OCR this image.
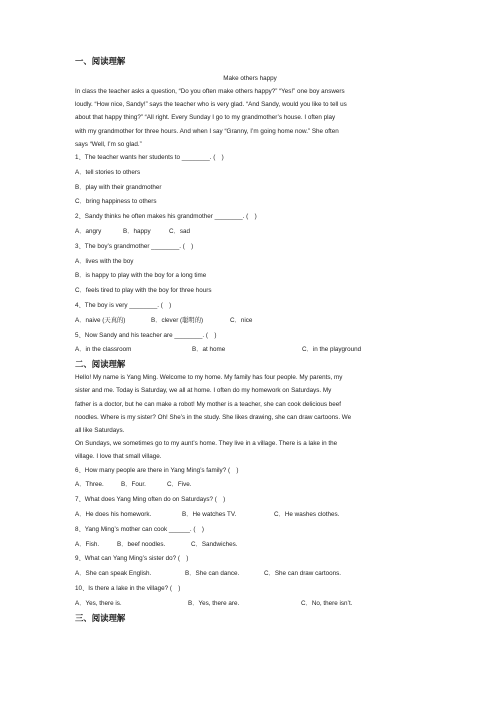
一、阅读理解
Make others happy

In class the teacher asks a question, “Do you often make others happy?” “Yes!” one boy answers

loudly. “How nice, Sandy!” says the teacher who is very glad. “And Sandy, would you like to tell us

about that happy thing?” “All right. Every Sunday I go to my grandmother’s house. I often play

with my grandmother for three hours. And when I say “Granny, I’m going home now.” She often

says “Well, I’m so glad.”

1、The teacher wants her students to ________. (　)
A．tell stories to others
B．play with their grandmother
C．bring happiness to others
2、Sandy thinks he often makes his grandmother ________. (　)
A．angry	B．happy	C．sad
3、The boy’s grandmother ________. (　)
A．lives with the boy
B．is happy to play with the boy for a long time
C．feels tired to play with the boy for three hours
4、The boy is very ________. (　)
A．naive (天真的)	B．clever (聪明的)	C．nice
5、Now Sandy and his teacher are ________. (　)
A．in the classroom	B．at home	C．in the playground
二、阅读理解

Hello! My name is Yang Ming. Welcome to my home. My family has four people. My parents, my

sister and me. Today is Saturday, we all at home. I often do my homework on Saturdays. My

father is a doctor, but he can make a robot! My mother is a teacher, she can cook delicious beef

noodles. Where is my sister? Oh! She’s in the study. She likes drawing, she can draw cartoons. We

all like Saturdays.

On Sundays, we sometimes go to my aunt’s home. They live in a village. There is a lake in the

village. I love that small village.

6、How many people are there in Yang Ming’s family? (　)
A．Three.	B．Four.	C．Five.
7、What does Yang Ming often do on Saturdays? (　)
A．He does his homework.	B．He watches TV.	C．He washes clothes.
8、Yang Ming’s mother can cook ______. (　)
A．Fish.	B．beef noodles.	C．Sandwiches.
9、What can Yang Ming’s sister do? (　)
A．She can speak English.	B．She can dance.	C．She can draw cartoons.
10、Is there a lake in the village? (　)
A．Yes, there is.	B．Yes, there are.	C．No, there isn’t.
三、阅读理解
